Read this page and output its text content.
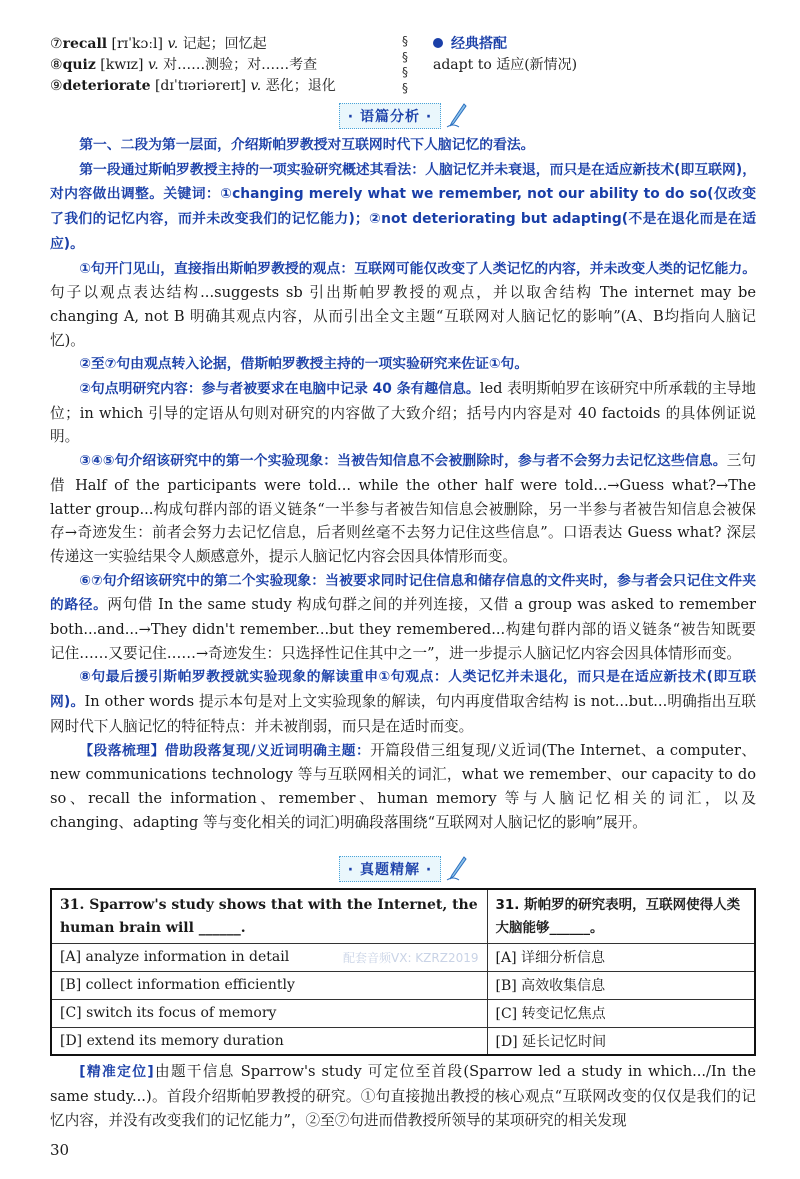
⑦recall [rɪˈkɔːl] v. 记起；回忆起
⑧quiz [kwɪz] v. 对……测验；对……考查
⑨deteriorate [dɪˈtɪəriəreɪt] v. 恶化；退化
§
§
§
§
经典搭配
adapt to 适应(新情况)
· 语篇分析 ·
第一、二段为第一层面，介绍斯帕罗教授对互联网时代下人脑记忆的看法。
第一段通过斯帕罗教授主持的一项实验研究概述其看法：人脑记忆并未衰退，而只是在适应新技术(即互联网)，对内容做出调整。关键词：①changing merely what we remember, not our ability to do so(仅改变了我们的记忆内容，而并未改变我们的记忆能力)；②not deteriorating but adapting(不是在退化而是在适应)。
①句开门见山，直接指出斯帕罗教授的观点：互联网可能仅改变了人类记忆的内容，并未改变人类的记忆能力。句子以观点表达结构...suggests sb 引出斯帕罗教授的观点，并以取舍结构 The internet may be changing A, not B 明确其观点内容，从而引出全文主题“互联网对人脑记忆的影响”(A、B均指向人脑记忆)。
②至⑦句由观点转入论据，借斯帕罗教授主持的一项实验研究来佐证①句。
②句点明研究内容：参与者被要求在电脑中记录 40 条有趣信息。led 表明斯帕罗在该研究中所承载的主导地位；in which 引导的定语从句则对研究的内容做了大致介绍；括号内内容是对 40 factoids 的具体例证说明。
③④⑤句介绍该研究中的第一个实验现象：当被告知信息不会被删除时，参与者不会努力去记忆这些信息。三句借 Half of the participants were told... while the other half were told...→Guess what?→The latter group...构成句群内部的语义链条“一半参与者被告知信息会被删除，另一半参与者被告知信息会被保存→奇迹发生：前者会努力去记忆信息，后者则丝毫不去努力记住这些信息”。口语表达 Guess what? 深层传递这一实验结果令人颇感意外，提示人脑记忆内容会因具体情形而变。
⑥⑦句介绍该研究中的第二个实验现象：当被要求同时记住信息和储存信息的文件夹时，参与者会只记住文件夹的路径。两句借 In the same study 构成句群之间的并列连接，又借 a group was asked to remember both...and...→They didn't remember...but they remembered...构建句群内部的语义链条“被告知既要记住……又要记住……→奇迹发生：只选择性记住其中之一”，进一步提示人脑记忆内容会因具体情形而变。
⑧句最后援引斯帕罗教授就实验现象的解读重申①句观点：人类记忆并未退化，而只是在适应新技术(即互联网)。In other words 提示本句是对上文实验现象的解读，句内再度借取舍结构 is not...but...明确指出互联网时代下人脑记忆的特征特点：并未被削弱，而只是在适时而变。
【段落梳理】借助段落复现/义近词明确主题：开篇段借三组复现/义近词(The Internet、a computer、new communications technology 等与互联网相关的词汇，what we remember、our capacity to do so、recall the information、remember、human memory 等与人脑记忆相关的词汇，以及 changing、adapting 等与变化相关的词汇)明确段落围绕“互联网对人脑记忆的影响”展开。
· 真题精解 ·
31. Sparrow's study shows that with the Internet, the human brain will ______.	31. 斯帕罗的研究表明，互联网使得人类大脑能够______。

[A] analyze information in detail 配套音频VX: KZRZ2019	[A] 详细分析信息
[B] collect information efficiently	[B] 高效收集信息
[C] switch its focus of memory	[C] 转变记忆焦点
[D] extend its memory duration	[D] 延长记忆时间
[精准定位]由题干信息 Sparrow's study 可定位至首段(Sparrow led a study in which.../In the same study...)。首段介绍斯帕罗教授的研究。①句直接抛出教授的核心观点“互联网改变的仅仅是我们的记忆内容，并没有改变我们的记忆能力”，②至⑦句进而借教授所领导的某项研究的相关发现
30
